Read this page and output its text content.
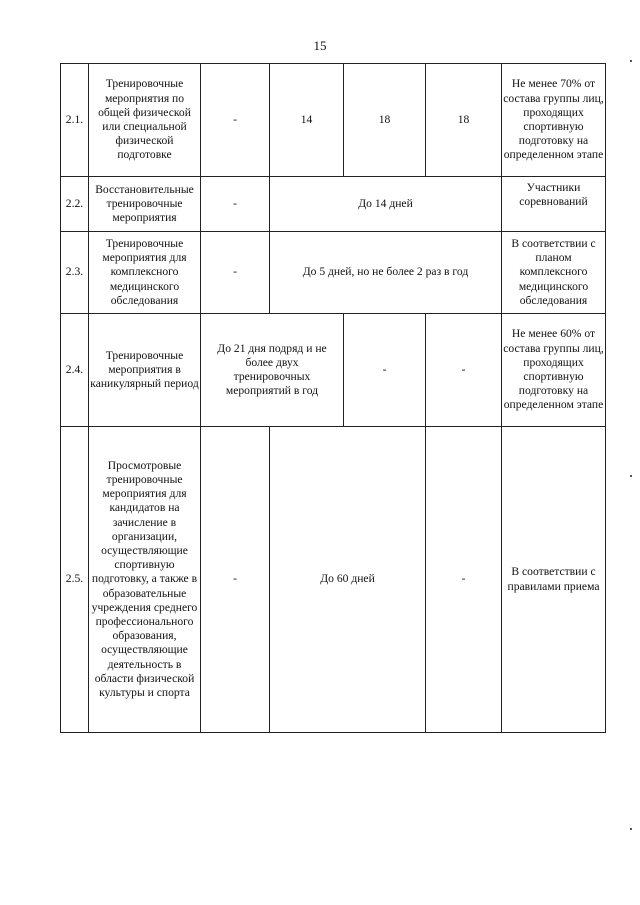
15
2.1.	Тренировочные мероприятия по общей физической или специальной физической подготовке	-	14	18	18	Не менее 70% от состава группы лиц, проходящих спортивную подготовку на определенном этапе
2.2.	Восстановительные тренировочные мероприятия	-	До 14 дней			Участники соревнований
2.3.	Тренировочные мероприятия для комплексного медицинского обследования	-	До 5 дней, но не более 2 раз в год			В соответствии с планом комплексного медицинского обследования
2.4.	Тренировочные мероприятия в каникулярный период	До 21 дня подряд и не более двух тренировочных мероприятий в год		-	-	Не менее 60% от состава группы лиц, проходящих спортивную подготовку на определенном этапе
2.5.	Просмотровые тренировочные мероприятия для кандидатов на зачисление в организации, осуществляющие спортивную подготовку, а также в образовательные учреждения среднего профессионального образования, осуществляющие деятельность в области физической культуры и спорта	-	До 60 дней		-	В соответствии с правилами приема
